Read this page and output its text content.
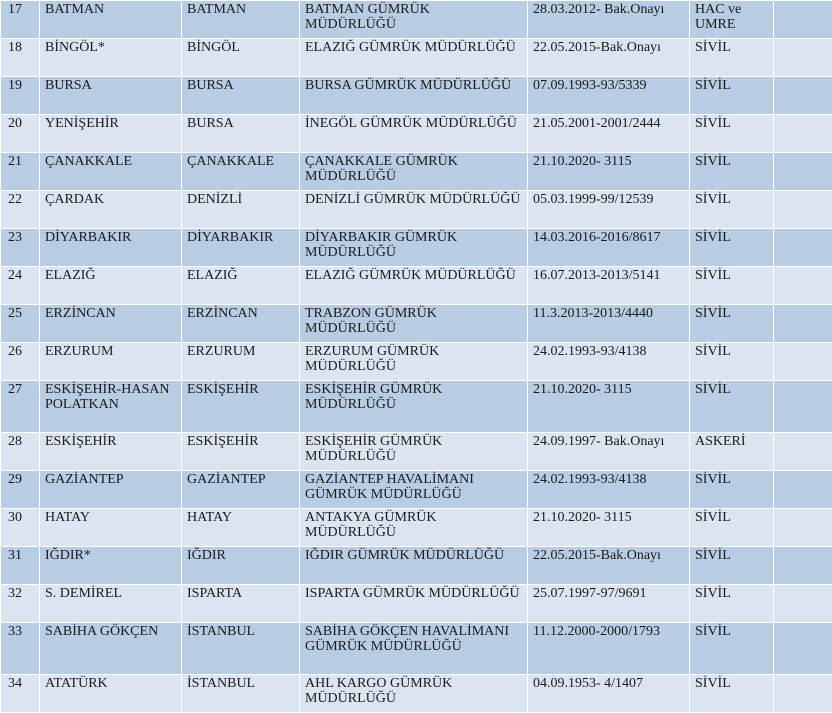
17	BATMAN	BATMAN	BATMAN GÜMRÜK MÜDÜRLÜĞÜ	28.03.2012- Bak.Onayı	HAC ve UMRE	
18	BİNGÖL*	BİNGÖL	ELAZIĞ GÜMRÜK MÜDÜRLÜĞÜ	22.05.2015-Bak.Onayı	SİVİL	
19	BURSA	BURSA	BURSA GÜMRÜK MÜDÜRLÜĞÜ	07.09.1993-93/5339	SİVİL	
20	YENİŞEHİR	BURSA	İNEGÖL GÜMRÜK MÜDÜRLÜĞÜ	21.05.2001-2001/2444	SİVİL	
21	ÇANAKKALE	ÇANAKKALE	ÇANAKKALE GÜMRÜK MÜDÜRLÜĞÜ	21.10.2020- 3115	SİVİL	
22	ÇARDAK	DENİZLİ	DENİZLİ GÜMRÜK MÜDÜRLÜĞÜ	05.03.1999-99/12539	SİVİL	
23	DİYARBAKIR	DİYARBAKIR	DİYARBAKIR GÜMRÜK MÜDÜRLÜĞÜ	14.03.2016-2016/8617	SİVİL	
24	ELAZIĞ	ELAZIĞ	ELAZIĞ GÜMRÜK MÜDÜRLÜĞÜ	16.07.2013-2013/5141	SİVİL	
25	ERZİNCAN	ERZİNCAN	TRABZON GÜMRÜK MÜDÜRLÜĞÜ	11.3.2013-2013/4440	SİVİL	
26	ERZURUM	ERZURUM	ERZURUM GÜMRÜK MÜDÜRLÜĞÜ	24.02.1993-93/4138	SİVİL	
27	ESKİŞEHİR-HASAN POLATKAN	ESKİŞEHİR	ESKİŞEHİR GÜMRÜK MÜDÜRLÜĞÜ	21.10.2020- 3115	SİVİL	
28	ESKİŞEHİR	ESKİŞEHİR	ESKİŞEHİR GÜMRÜK MÜDÜRLÜĞÜ	24.09.1997- Bak.Onayı	ASKERİ	
29	GAZİANTEP	GAZİANTEP	GAZİANTEP HAVALİMANI GÜMRÜK MÜDÜRLÜĞÜ	24.02.1993-93/4138	SİVİL	
30	HATAY	HATAY	ANTAKYA GÜMRÜK MÜDÜRLÜĞÜ	21.10.2020- 3115	SİVİL	
31	IĞDIR*	IĞDIR	IĞDIR GÜMRÜK MÜDÜRLÜĞÜ	22.05.2015-Bak.Onayı	SİVİL	
32	S. DEMİREL	ISPARTA	ISPARTA GÜMRÜK MÜDÜRLÜĞÜ	25.07.1997-97/9691	SİVİL	
33	SABİHA GÖKÇEN	İSTANBUL	SABİHA GÖKÇEN HAVALİMANI GÜMRÜK MÜDÜRLÜĞÜ	11.12.2000-2000/1793	SİVİL	
34	ATATÜRK	İSTANBUL	AHL KARGO GÜMRÜK MÜDÜRLÜĞÜ	04.09.1953- 4/1407	SİVİL	
